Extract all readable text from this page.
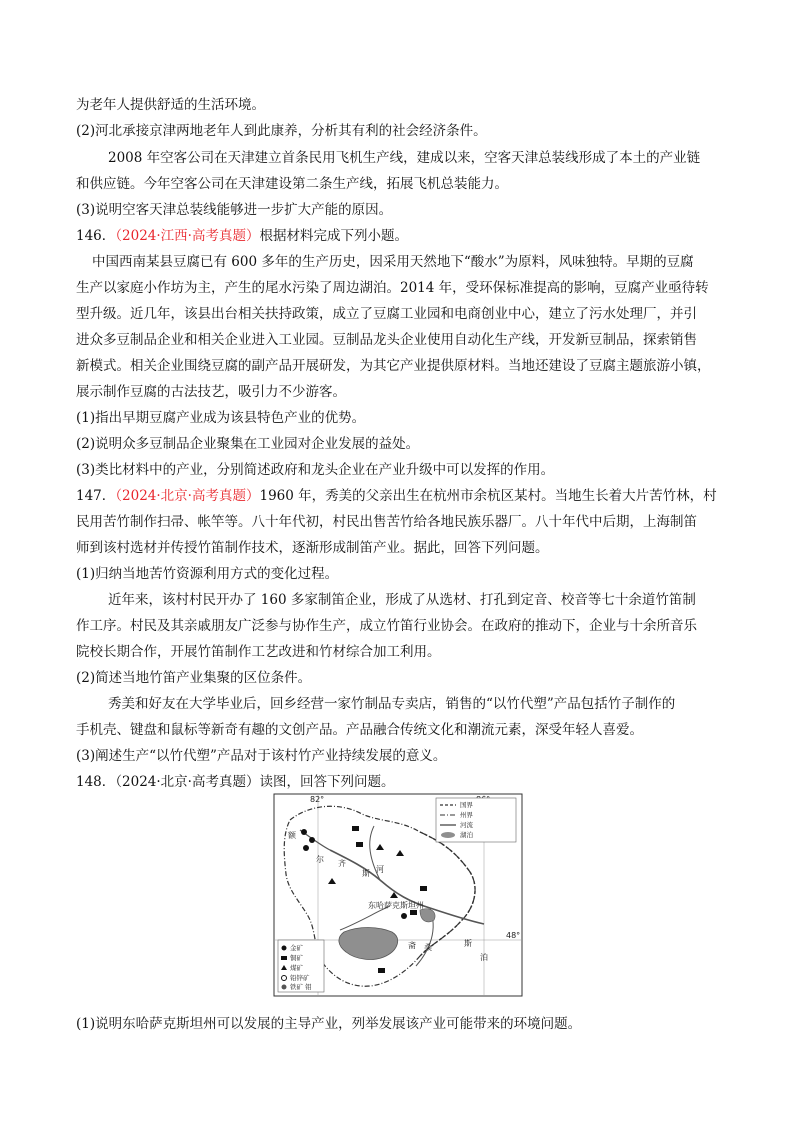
为老年人提供舒适的生活环境。
(2)河北承接京津两地老年人到此康养，分析其有利的社会经济条件。
2008 年空客公司在天津建立首条民用飞机生产线，建成以来，空客天津总装线形成了本土的产业链
和供应链。今年空客公司在天津建设第二条生产线，拓展飞机总装能力。
(3)说明空客天津总装线能够进一步扩大产能的原因。
146．（2024·江西·高考真题）根据材料完成下列小题。
中国西南某县豆腐已有 600 多年的生产历史，因采用天然地下“酸水”为原料，风味独特。早期的豆腐
生产以家庭小作坊为主，产生的尾水污染了周边湖泊。2014 年，受环保标准提高的影响，豆腐产业亟待转
型升级。近几年，该县出台相关扶持政策，成立了豆腐工业园和电商创业中心，建立了污水处理厂，并引
进众多豆制品企业和相关企业进入工业园。豆制品龙头企业使用自动化生产线，开发新豆制品，探索销售
新模式。相关企业围绕豆腐的副产品开展研发，为其它产业提供原材料。当地还建设了豆腐主题旅游小镇，
展示制作豆腐的古法技艺，吸引力不少游客。
(1)指出早期豆腐产业成为该县特色产业的优势。
(2)说明众多豆制品企业聚集在工业园对企业发展的益处。
(3)类比材料中的产业，分别简述政府和龙头企业在产业升级中可以发挥的作用。
147．（2024·北京·高考真题）1960 年，秀美的父亲出生在杭州市余杭区某村。当地生长着大片苦竹林，村
民用苦竹制作扫帚、帐竿等。八十年代初，村民出售苦竹给各地民族乐器厂。八十年代中后期，上海制笛
师到该村选材并传授竹笛制作技术，逐渐形成制笛产业。据此，回答下列问题。
(1)归纳当地苦竹资源利用方式的变化过程。
近年来，该村村民开办了 160 多家制笛企业，形成了从选材、打孔到定音、校音等七十余道竹笛制
作工序。村民及其亲戚朋友广泛参与协作生产，成立竹笛行业协会。在政府的推动下，企业与十余所音乐
院校长期合作，开展竹笛制作工艺改进和竹材综合加工利用。
(2)简述当地竹笛产业集聚的区位条件。
秀美和好友在大学毕业后，回乡经营一家竹制品专卖店，销售的“以竹代塑”产品包括竹子制作的
手机壳、键盘和鼠标等新奇有趣的文创产品。产品融合传统文化和潮流元素，深受年轻人喜爱。
(3)阐述生产“以竹代塑”产品对于该村竹产业持续发展的意义。
148．（2024·北京·高考真题）读图，回答下列问题。
82°
48°
额
尔 齐
斯 河
斋 桑	斯
泊
东哈萨克斯坦州
国界
州界
河流
湖泊
金矿
铜矿
煤矿
铅锌矿
铁矿 钼
(1)说明东哈萨克斯坦州可以发展的主导产业，列举发展该产业可能带来的环境问题。
